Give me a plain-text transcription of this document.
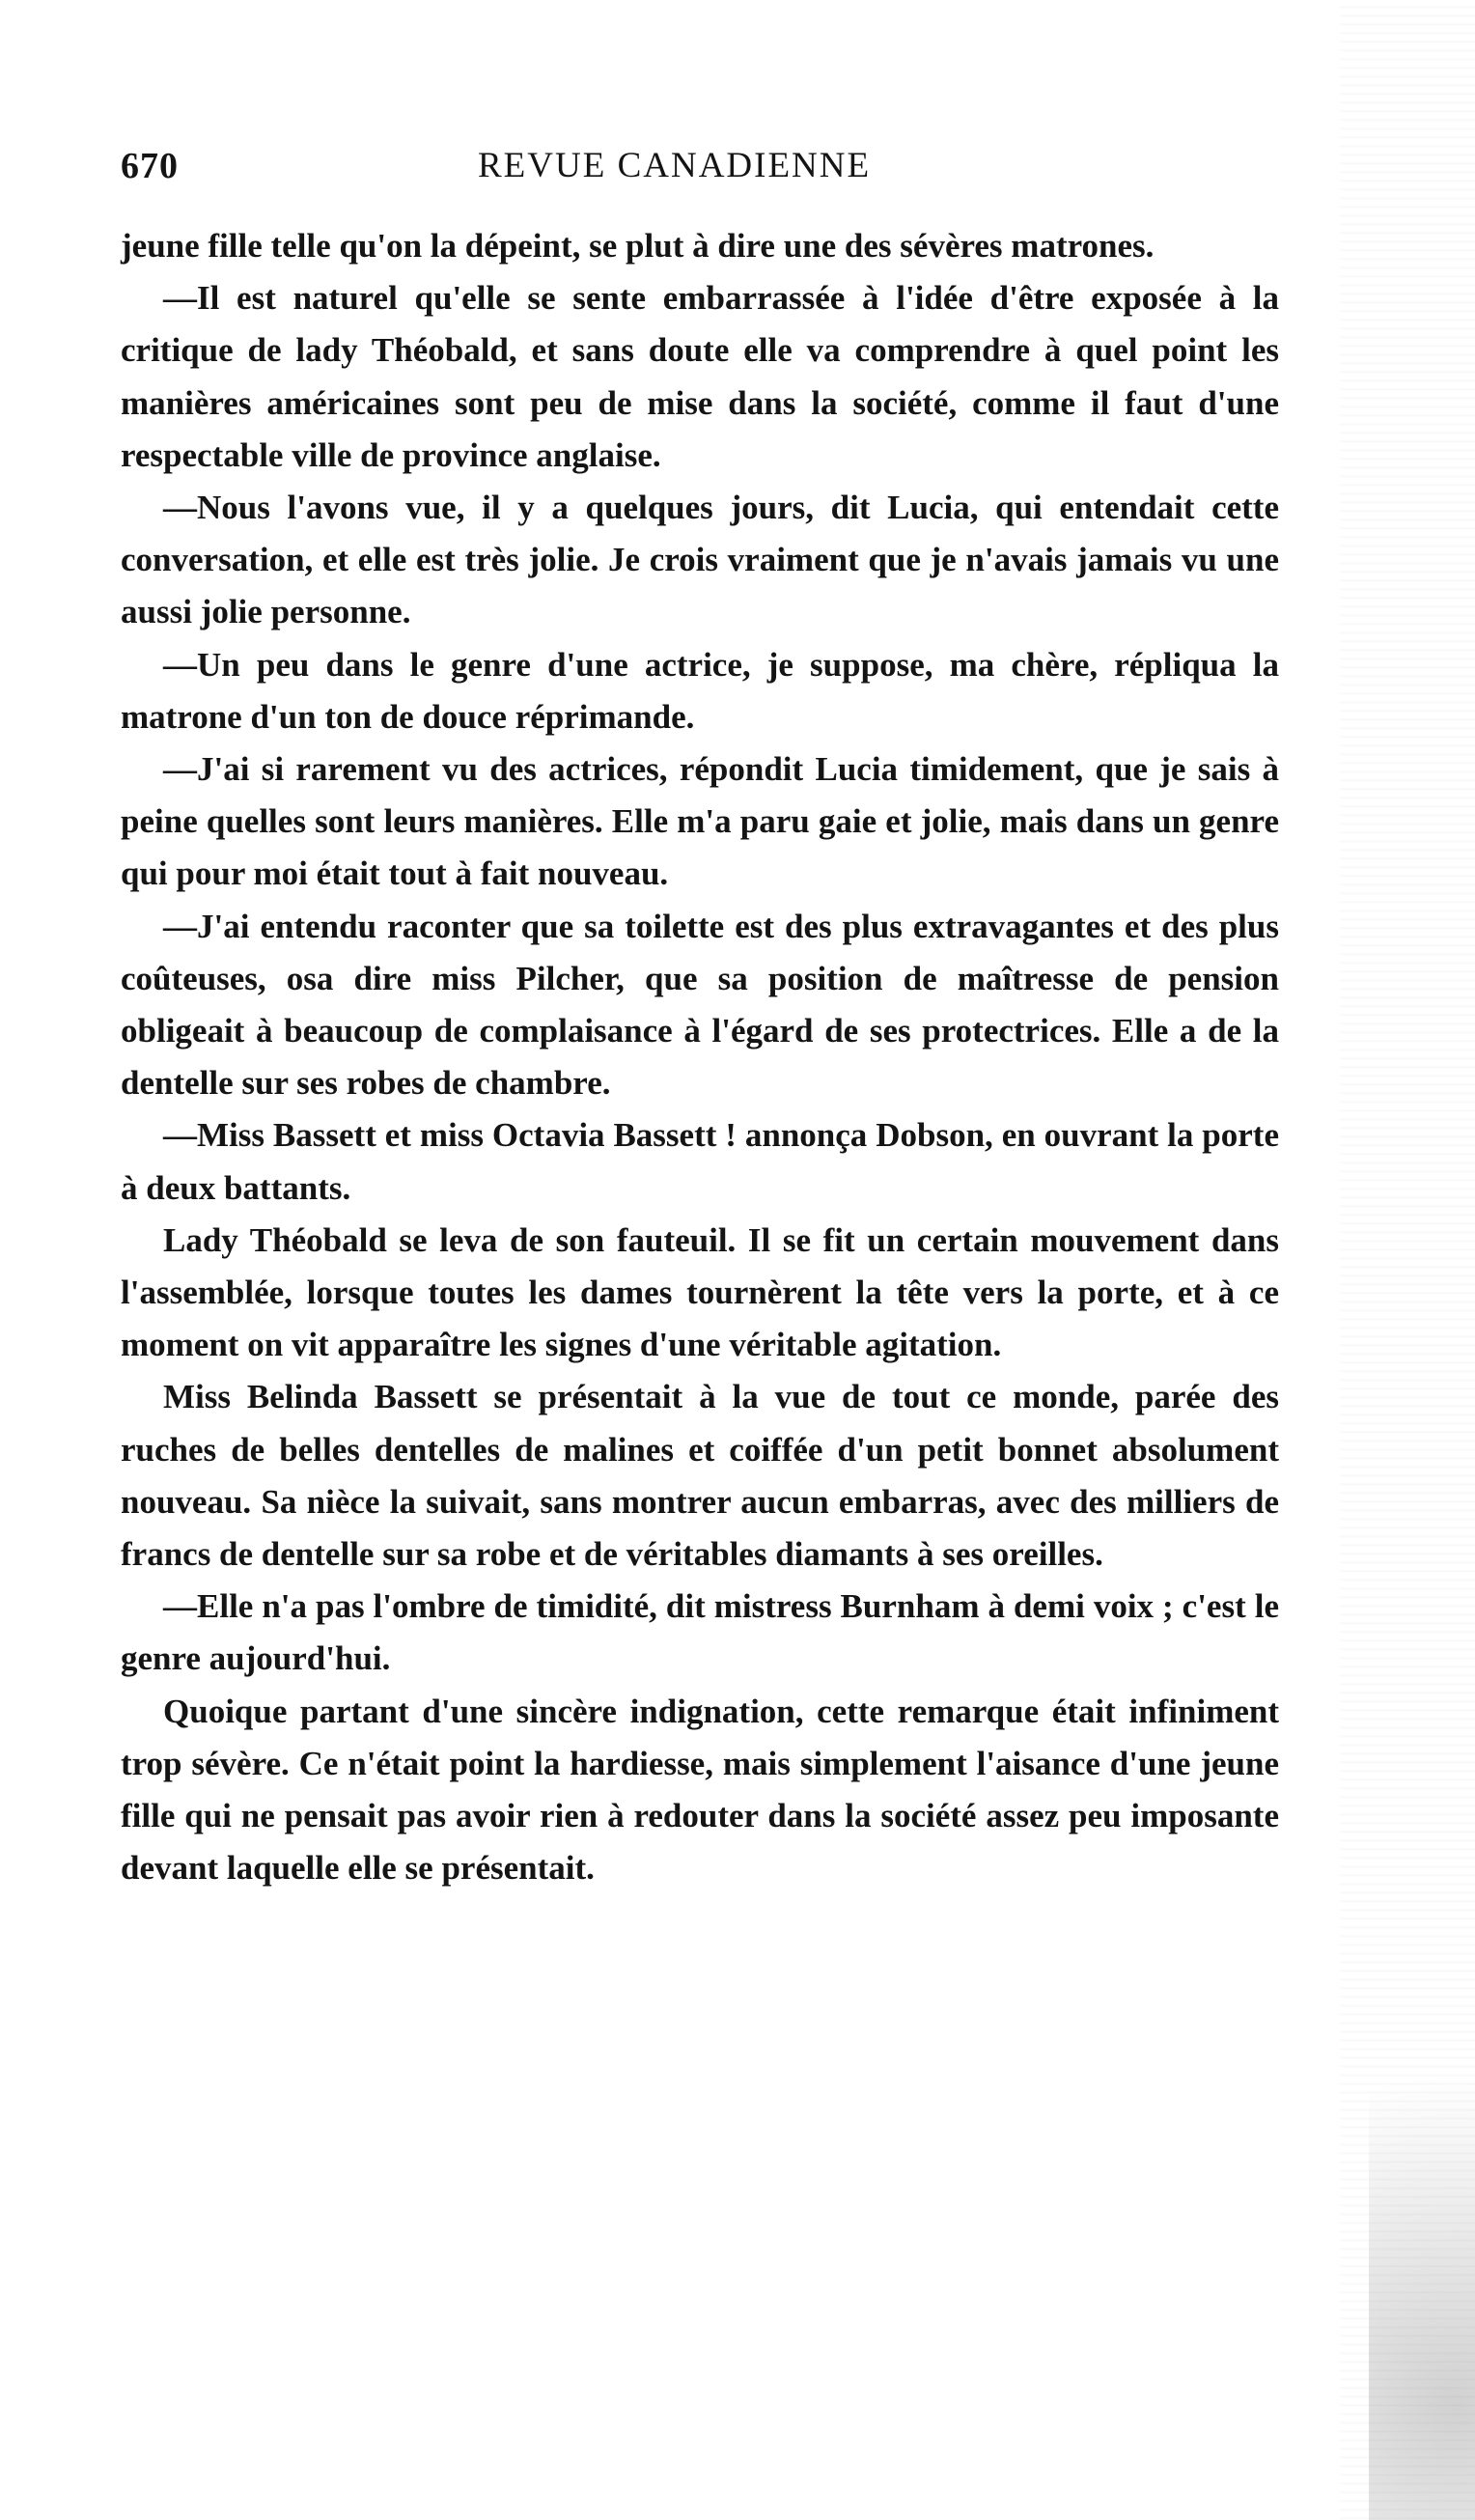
670	REVUE CANADIENNE

jeune fille telle qu'on la dépeint, se plut à dire une des sévères matrones.

—Il est naturel qu'elle se sente embarrassée à l'idée d'être exposée à la critique de lady Théobald, et sans doute elle va comprendre à quel point les manières américaines sont peu de mise dans la société, comme il faut d'une respectable ville de province anglaise.

—Nous l'avons vue, il y a quelques jours, dit Lucia, qui entendait cette conversation, et elle est très jolie. Je crois vraiment que je n'avais jamais vu une aussi jolie personne.

—Un peu dans le genre d'une actrice, je suppose, ma chère, répliqua la matrone d'un ton de douce réprimande.

—J'ai si rarement vu des actrices, répondit Lucia timidement, que je sais à peine quelles sont leurs manières. Elle m'a paru gaie et jolie, mais dans un genre qui pour moi était tout à fait nouveau.

—J'ai entendu raconter que sa toilette est des plus extravagantes et des plus coûteuses, osa dire miss Pilcher, que sa position de maîtresse de pension obligeait à beaucoup de complaisance à l'égard de ses protectrices. Elle a de la dentelle sur ses robes de chambre.

—Miss Bassett et miss Octavia Bassett ! annonça Dobson, en ouvrant la porte à deux battants.

Lady Théobald se leva de son fauteuil. Il se fit un certain mouvement dans l'assemblée, lorsque toutes les dames tournèrent la tête vers la porte, et à ce moment on vit apparaître les signes d'une véritable agitation.

Miss Belinda Bassett se présentait à la vue de tout ce monde, parée des ruches de belles dentelles de malines et coiffée d'un petit bonnet absolument nouveau. Sa nièce la suivait, sans montrer aucun embarras, avec des milliers de francs de dentelle sur sa robe et de véritables diamants à ses oreilles.

—Elle n'a pas l'ombre de timidité, dit mistress Burnham à demi voix ; c'est le genre aujourd'hui.

Quoique partant d'une sincère indignation, cette remarque était infiniment trop sévère. Ce n'était point la hardiesse, mais simplement l'aisance d'une jeune fille qui ne pensait pas avoir rien à redouter dans la société assez peu imposante devant laquelle elle se présentait.
